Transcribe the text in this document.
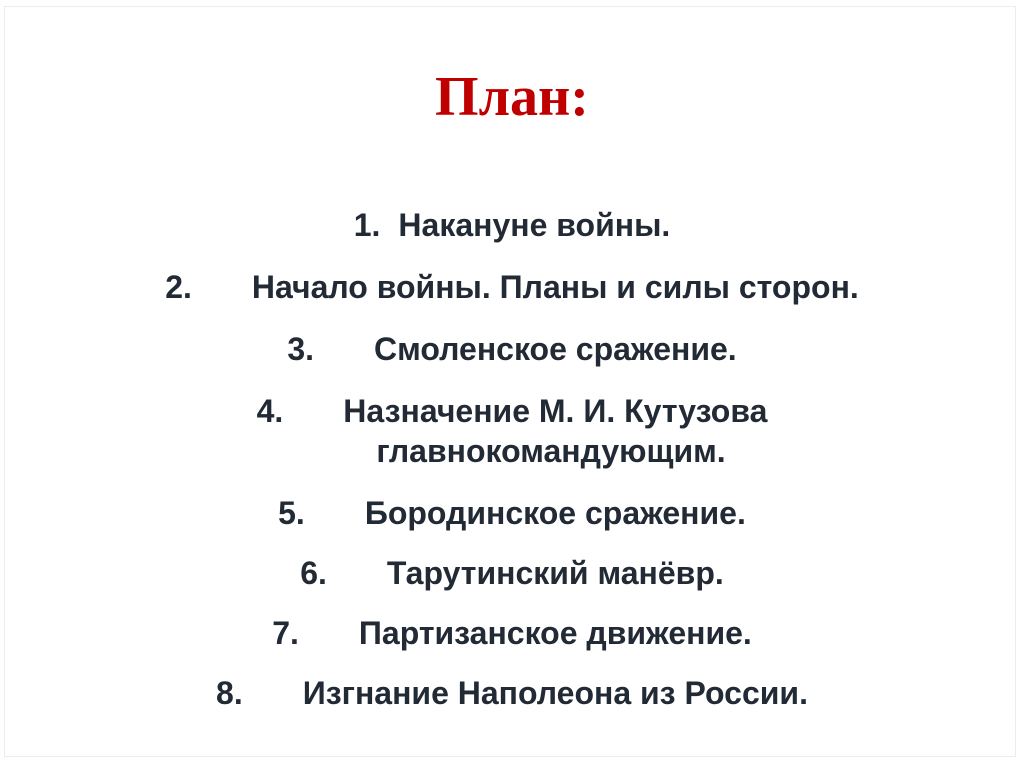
План:
1. Накануне войны.
2. Начало войны. Планы и силы сторон.
3. Смоленское сражение.
4. Назначение М. И. Кутузова
главнокомандующим.
5. Бородинское сражение.
6. Тарутинский манёвр.
7. Партизанское движение.
8. Изгнание Наполеона из России.
